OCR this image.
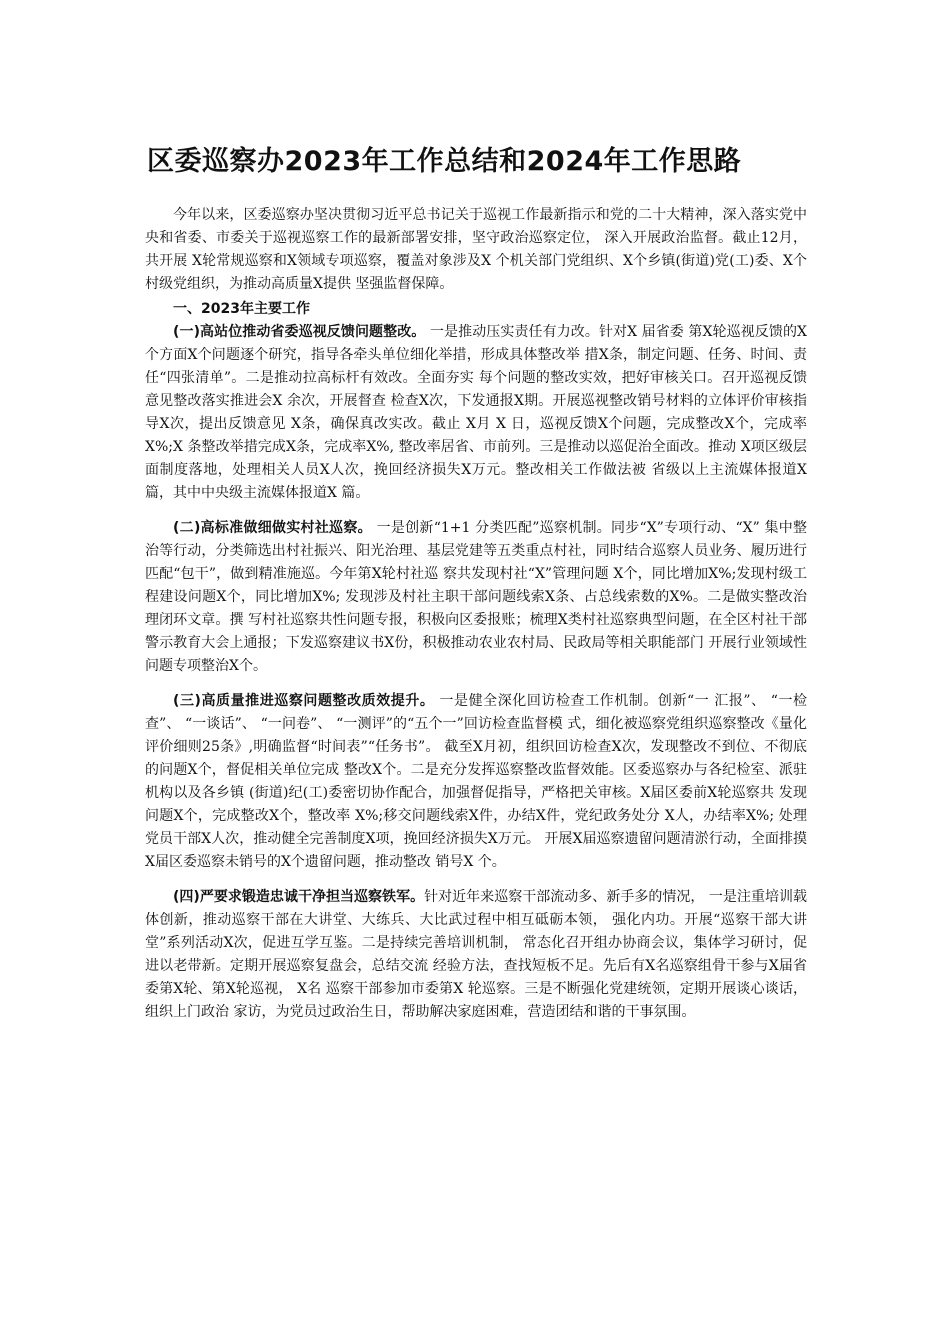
区委巡察办2023年工作总结和2024年工作思路

今年以来，区委巡察办坚决贯彻习近平总书记关于巡视工作最新指示和党的二十大精神，深入落实党中央和省委、市委关于巡视巡察工作的最新部署安排，坚守政治巡察定位， 深入开展政治监督。截止12月，共开展 X轮常规巡察和X领域专项巡察，覆盖对象涉及X 个机关部门党组织、X个乡镇(街道)党(工)委、X个村级党组织，为推动高质量X提供 坚强监督保障。

一、2023年主要工作

(一)高站位推动省委巡视反馈问题整改。 一是推动压实责任有力改。针对X 届省委 第X轮巡视反馈的X个方面X个问题逐个研究，指导各牵头单位细化举措，形成具体整改举 措X条，制定问题、任务、时间、责任“四张清单”。二是推动拉高标杆有效改。全面夯实 每个问题的整改实效，把好审核关口。召开巡视反馈意见整改落实推进会X 余次，开展督查 检查X次，下发通报X期。开展巡视整改销号材料的立体评价审核指导X次，提出反馈意见 X条，确保真改实改。截止 X月 X 日，巡视反馈X个问题，完成整改X个，完成率X%;X 条整改举措完成X条，完成率X%, 整改率居省、市前列。三是推动以巡促治全面改。推动 X项区级层面制度落地，处理相关人员X人次，挽回经济损失X万元。整改相关工作做法被 省级以上主流媒体报道X 篇，其中中央级主流媒体报道X 篇。

(二)高标准做细做实村社巡察。 一是创新“1+1 分类匹配”巡察机制。同步“X”专项行动、“X” 集中整治等行动，分类筛选出村社振兴、阳光治理、基层党建等五类重点村社，同时结合巡察人员业务、履历进行匹配“包干”，做到精准施巡。今年第X轮村社巡 察共发现村社“X”管理问题 X个，同比增加X%;发现村级工程建设问题X个，同比增加X%; 发现涉及村社主职干部问题线索X条、占总线索数的X%。二是做实整改治理闭环文章。撰 写村社巡察共性问题专报，积极向区委报账；梳理X类村社巡察典型问题，在全区村社干部 警示教育大会上通报；下发巡察建议书X份，积极推动农业农村局、民政局等相关职能部门 开展行业领域性问题专项整治X个。

(三)高质量推进巡察问题整改质效提升。 一是健全深化回访检查工作机制。创新“一 汇报”、 “一检查”、 “一谈话”、 “一问卷”、 “一测评”的“五个一”回访检查监督模 式，细化被巡察党组织巡察整改《量化评价细则25条》,明确监督“时间表”“任务书”。 截至X月初，组织回访检查X次，发现整改不到位、不彻底的问题X个，督促相关单位完成 整改X个。二是充分发挥巡察整改监督效能。区委巡察办与各纪检室、派驻机构以及各乡镇 (街道)纪(工)委密切协作配合，加强督促指导，严格把关审核。X届区委前X轮巡察共 发现问题X个，完成整改X个，整改率 X%;移交问题线索X件，办结X件，党纪政务处分 X人，办结率X%; 处理党员干部X人次，推动健全完善制度X项，挽回经济损失X万元。 开展X届巡察遗留问题清淤行动，全面排摸X届区委巡察未销号的X个遗留问题，推动整改 销号X 个。

(四)严要求锻造忠诚干净担当巡察铁军。针对近年来巡察干部流动多、新手多的情况， 一是注重培训载体创新，推动巡察干部在大讲堂、大练兵、大比武过程中相互砥砺本领， 强化内功。开展“巡察干部大讲堂”系列活动X次，促进互学互鉴。二是持续完善培训机制， 常态化召开组办协商会议，集体学习研讨，促进以老带新。定期开展巡察复盘会，总结交流 经验方法，查找短板不足。先后有X名巡察组骨干参与X届省委第X轮、第X轮巡视， X名 巡察干部参加市委第X 轮巡察。三是不断强化党建统领，定期开展谈心谈话，组织上门政治 家访，为党员过政治生日，帮助解决家庭困难，营造团结和谐的干事氛围。
